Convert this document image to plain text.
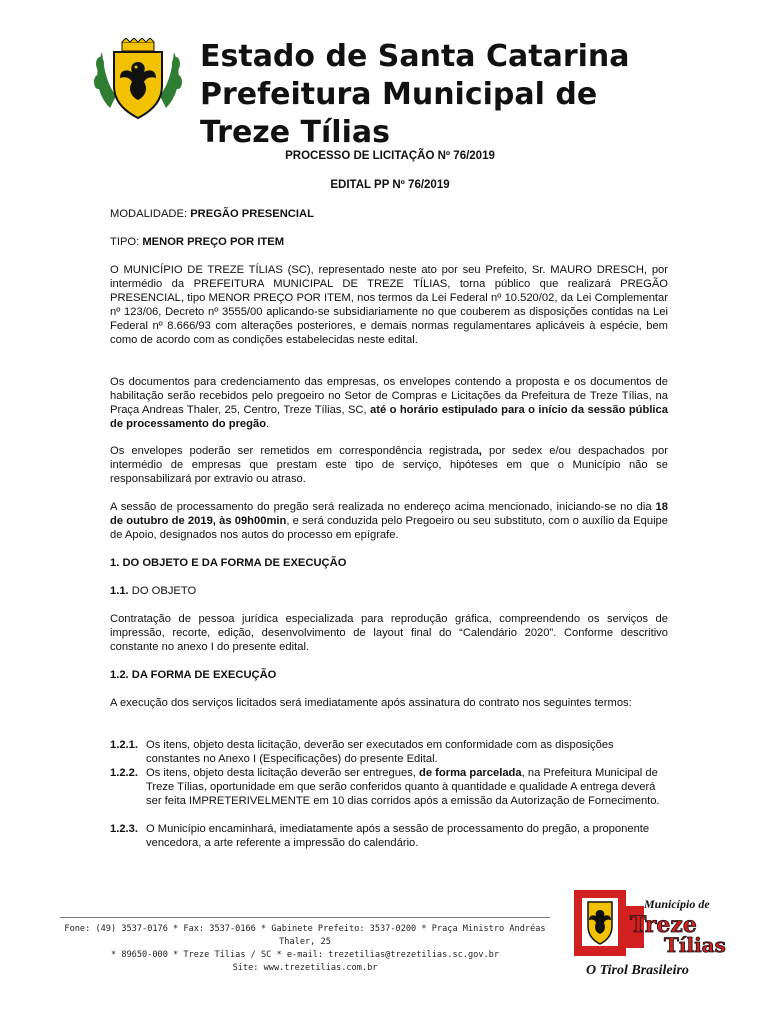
Estado de Santa Catarina
Prefeitura Municipal de
Treze Tílias
PROCESSO DE LICITAÇÃO Nº 76/2019
EDITAL PP Nº 76/2019
MODALIDADE: PREGÃO PRESENCIAL
TIPO: MENOR PREÇO POR ITEM

O MUNICÍPIO DE TREZE TÍLIAS (SC), representado neste ato por seu Prefeito, Sr. MAURO DRESCH, por intermédio da PREFEITURA MUNICIPAL DE TREZE TÍLIAS, torna público que realizará PREGÃO PRESENCIAL, tipo MENOR PREÇO POR ITEM, nos termos da Lei Federal nº 10.520/02, da Lei Complementar nº 123/06, Decreto nº 3555/00 aplicando-se subsidiariamente no que couberem as disposições contidas na Lei Federal nº 8.666/93 com alterações posteriores, e demais normas regulamentares aplicáveis à espécie, bem como de acordo com as condições estabelecidas neste edital.

Os documentos para credenciamento das empresas, os envelopes contendo a proposta e os documentos de habilitação serão recebidos pelo pregoeiro no Setor de Compras e Licitações da Prefeitura de Treze Tílias, na Praça Andreas Thaler, 25, Centro, Treze Tílias, SC, até o horário estipulado para o início da sessão pública de processamento do pregão.

Os envelopes poderão ser remetidos em correspondência registrada, por sedex e/ou despachados por intermédio de empresas que prestam este tipo de serviço, hipóteses em que o Município não se responsabilizará por extravio ou atraso.

A sessão de processamento do pregão será realizada no endereço acima mencionado, iniciando-se no dia 18 de outubro de 2019, às 09h00min, e será conduzida pelo Pregoeiro ou seu substituto, com o auxílio da Equipe de Apoio, designados nos autos do processo em epígrafe.

1. DO OBJETO E DA FORMA DE EXECUÇÃO
1.1. DO OBJETO

Contratação de pessoa jurídica especializada para reprodução gráfica, compreendendo os serviços de impressão, recorte, edição, desenvolvimento de layout final do “Calendário 2020”. Conforme descritivo constante no anexo I do presente edital.

1.2. DA FORMA DE EXECUÇÃO

A execução dos serviços licitados será imediatamente após assinatura do contrato nos seguintes termos:

1.2.1. Os itens, objeto desta licitação, deverão ser executados em conformidade com as disposições constantes no Anexo I (Especificações) do presente Edital.
1.2.2. Os itens, objeto desta licitação deverão ser entregues, de forma parcelada, na Prefeitura Municipal de Treze Tílias, oportunidade em que serão conferidos quanto à quantidade e qualidade A entrega deverá ser feita IMPRETERIVELMENTE em 10 dias corridos após a emissão da Autorização de Fornecimento.
1.2.3. O Município encaminhará, imediatamente após a sessão de processamento do pregão, a proponente vencedora, a arte referente a impressão do calendário.
Fone: (49) 3537-0176 * Fax: 3537-0166 * Gabinete Prefeito: 3537-0200 * Praça Ministro Andréas Thaler, 25
* 89650-000 * Treze Tílias / SC * e-mail: trezetilias@trezetilias.sc.gov.br
Site: www.trezetilias.com.br
Município de
Treze
Tílias
O Tirol Brasileiro
